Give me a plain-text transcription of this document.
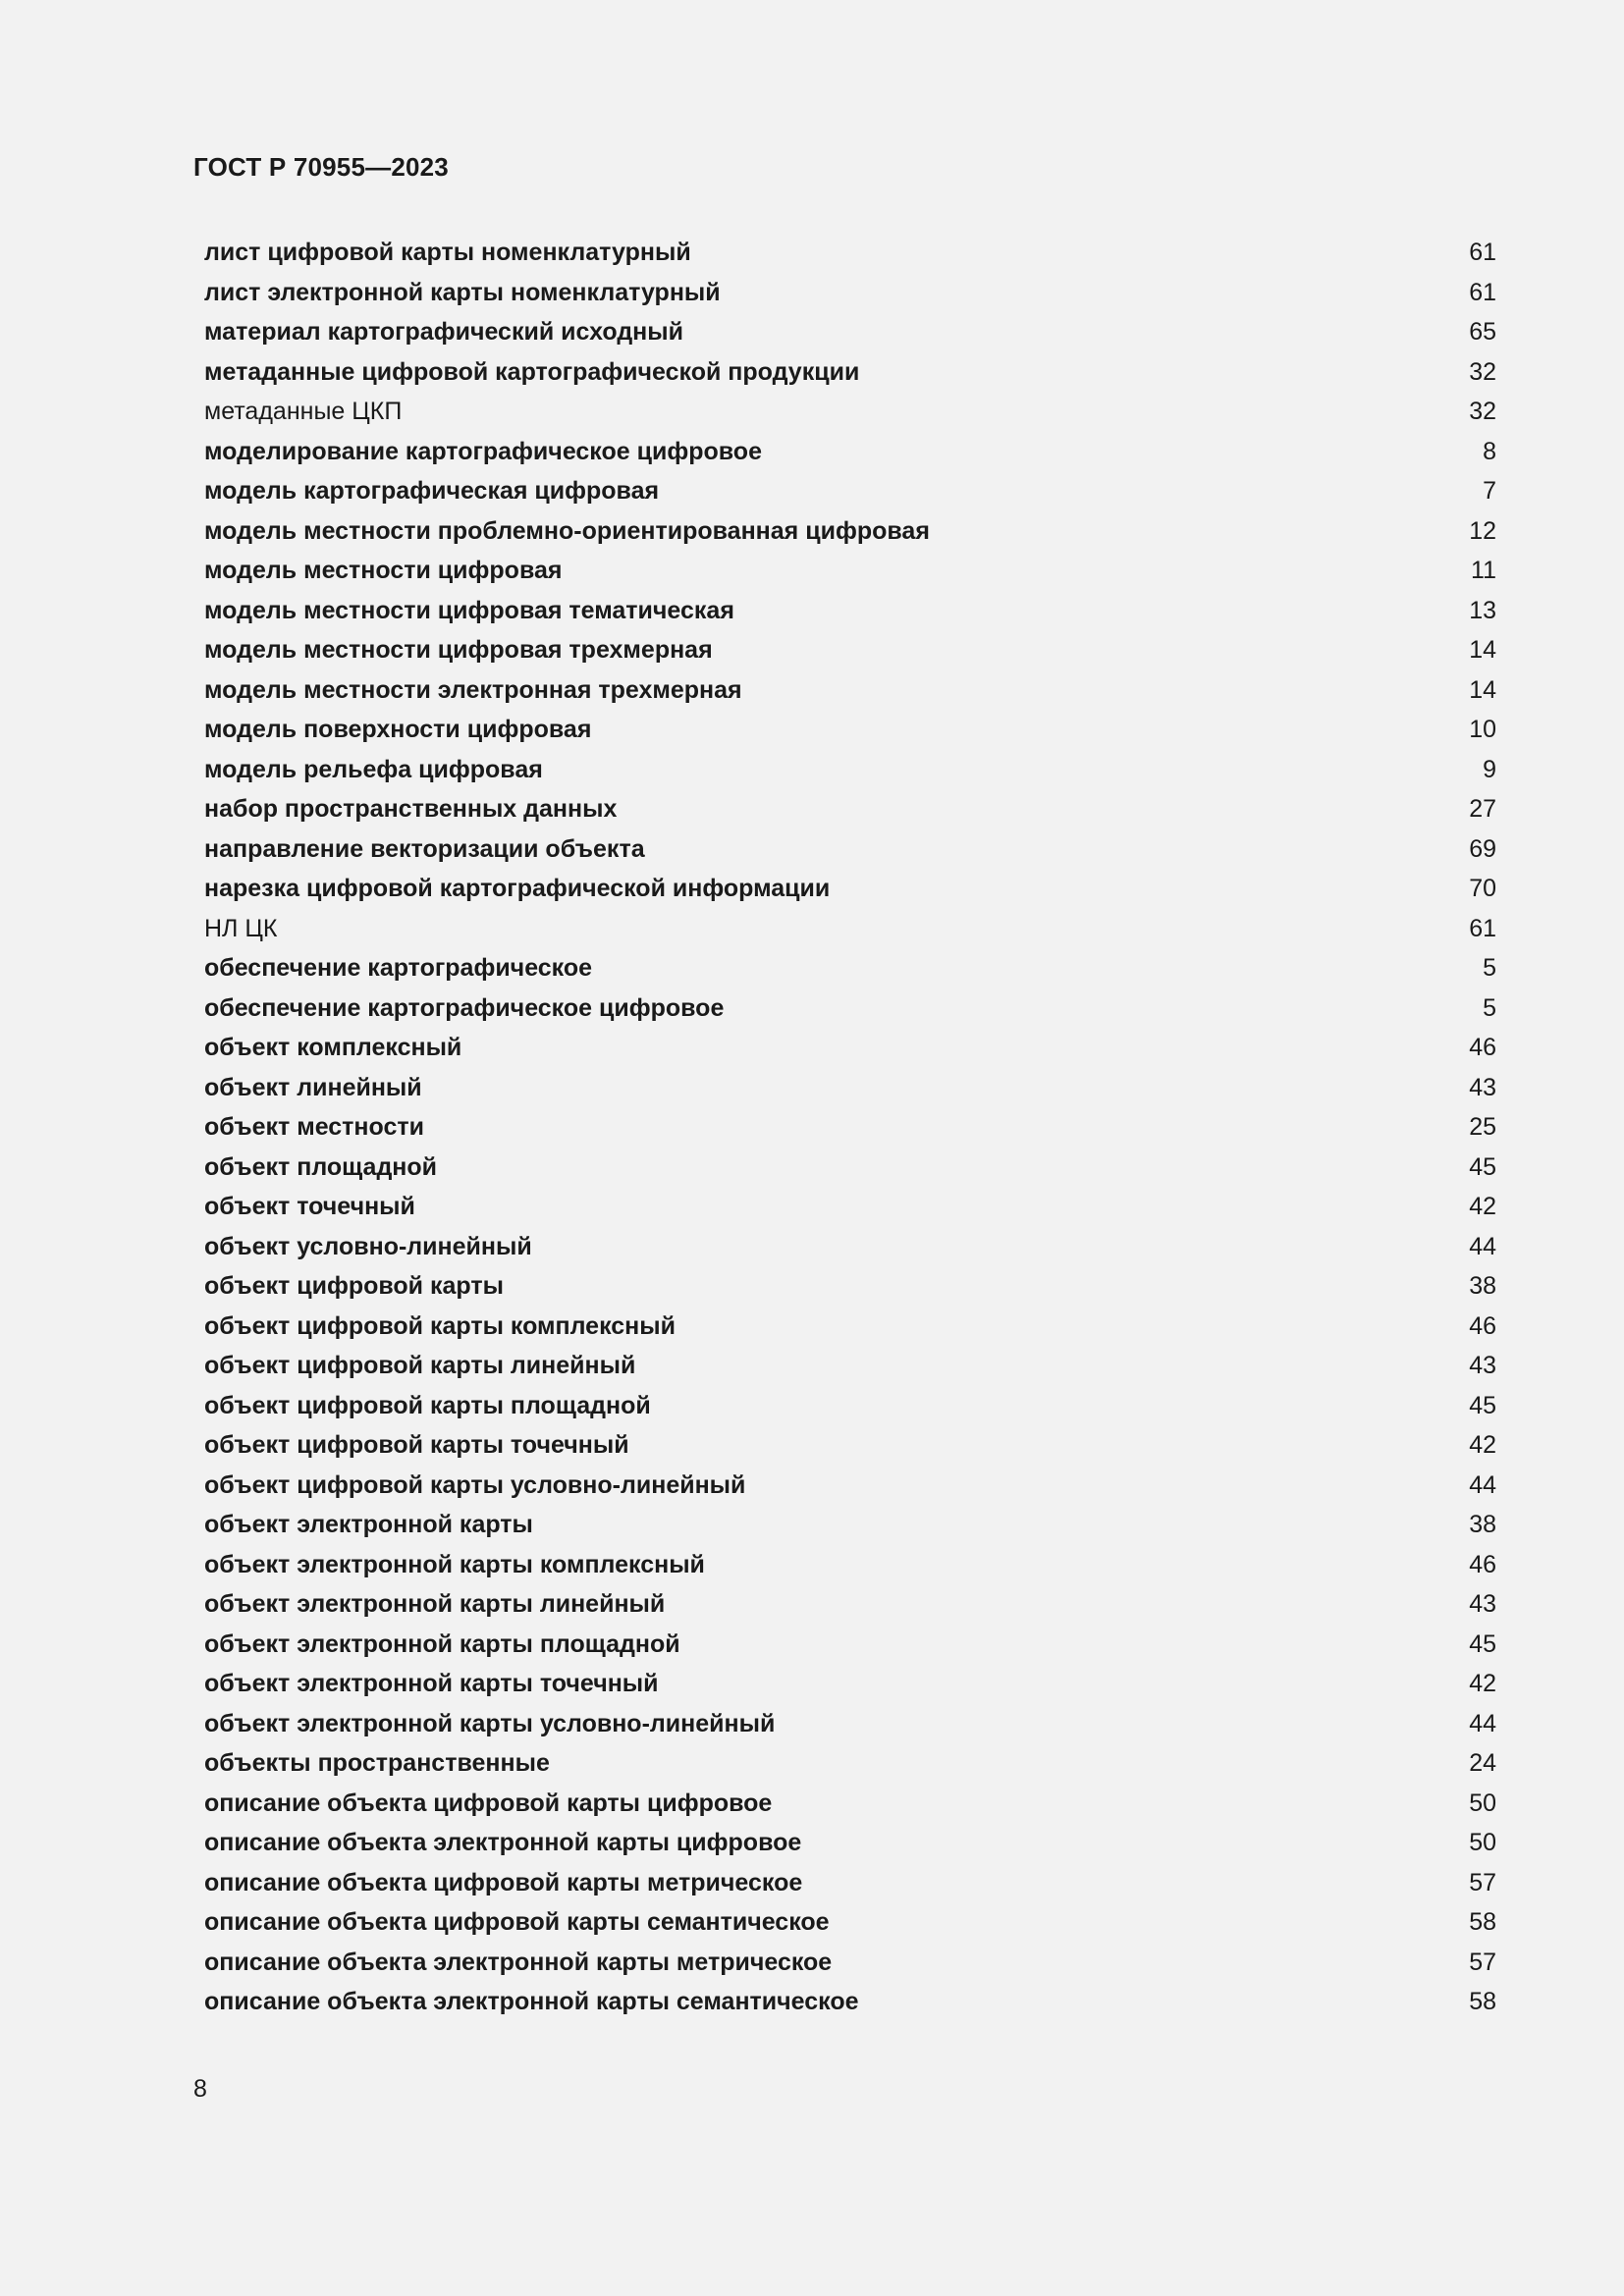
ГОСТ Р 70955—2023
лист цифровой карты номенклатурный	61
лист электронной карты номенклатурный	61
материал картографический исходный	65
метаданные цифровой картографической продукции	32
метаданные ЦКП	32
моделирование картографическое цифровое	8
модель картографическая цифровая	7
модель местности проблемно-ориентированная цифровая	12
модель местности цифровая	11
модель местности цифровая тематическая	13
модель местности цифровая трехмерная	14
модель местности электронная трехмерная	14
модель поверхности цифровая	10
модель рельефа цифровая	9
набор пространственных данных	27
направление векторизации объекта	69
нарезка цифровой картографической информации	70
НЛ ЦК	61
обеспечение картографическое	5
обеспечение картографическое цифровое	5
объект комплексный	46
объект линейный	43
объект местности	25
объект площадной	45
объект точечный	42
объект условно-линейный	44
объект цифровой карты	38
объект цифровой карты комплексный	46
объект цифровой карты линейный	43
объект цифровой карты площадной	45
объект цифровой карты точечный	42
объект цифровой карты условно-линейный	44
объект электронной карты	38
объект электронной карты комплексный	46
объект электронной карты линейный	43
объект электронной карты площадной	45
объект электронной карты точечный	42
объект электронной карты условно-линейный	44
объекты пространственные	24
описание объекта цифровой карты цифровое	50
описание объекта электронной карты цифровое	50
описание объекта цифровой карты метрическое	57
описание объекта цифровой карты семантическое	58
описание объекта электронной карты метрическое	57
описание объекта электронной карты семантическое	58
8
